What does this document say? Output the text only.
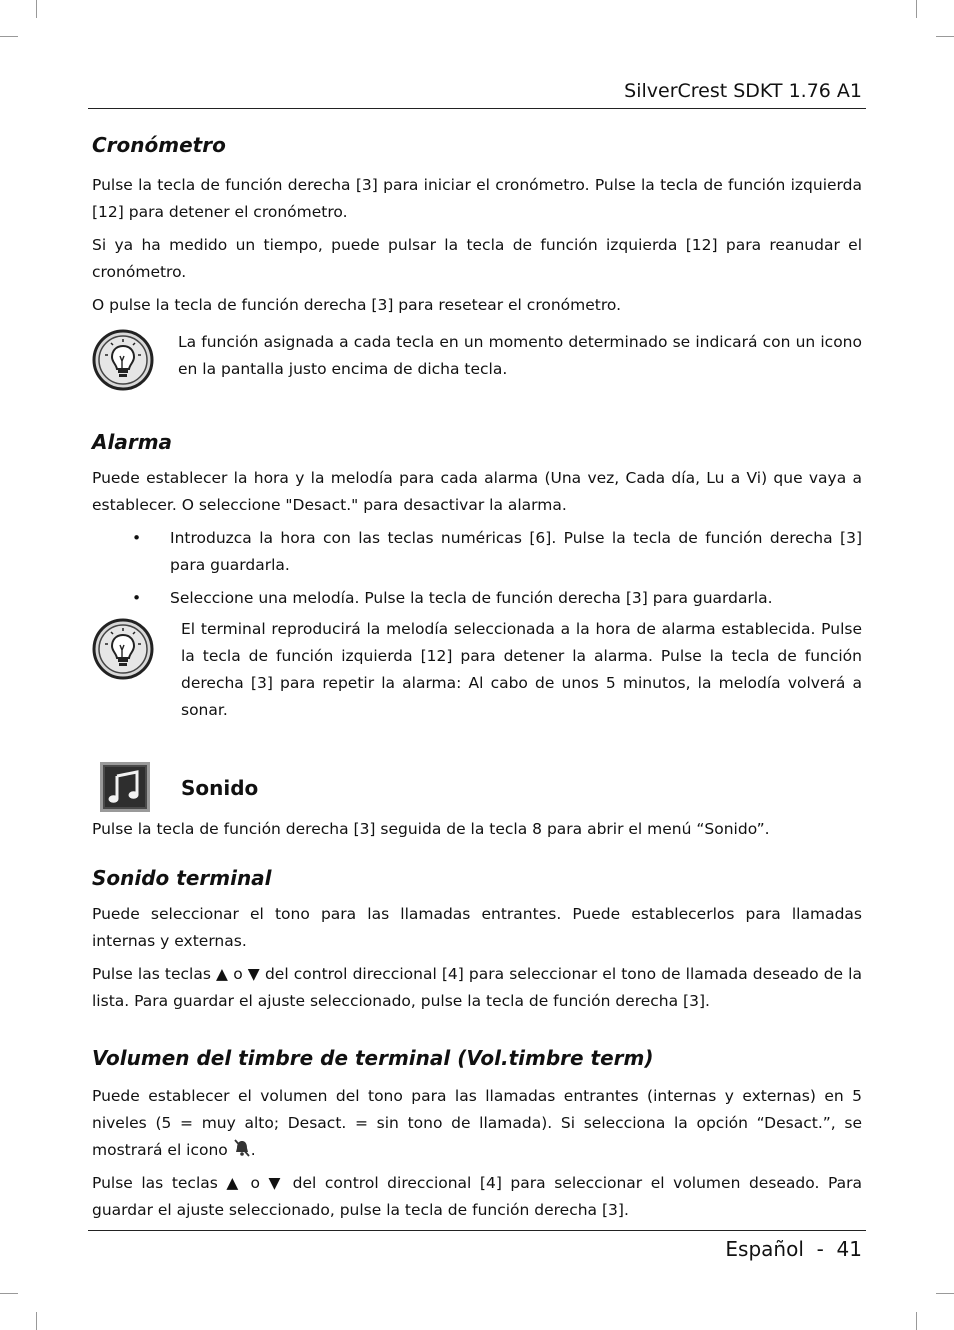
SilverCrest SDKT 1.76 A1
Cronómetro

Pulse la tecla de función derecha [3] para iniciar el cronómetro. Pulse la tecla de función izquierda [12] para detener el cronómetro.

Si ya ha medido un tiempo, puede pulsar la tecla de función izquierda [12] para reanudar el cronómetro.

O pulse la tecla de función derecha [3] para resetear el cronómetro.

La función asignada a cada tecla en un momento determinado se indicará con un icono en la pantalla justo encima de dicha tecla.
Alarma

Puede establecer la hora y la melodía para cada alarma (Una vez, Cada día, Lu a Vi) que vaya a establecer. O seleccione "Desact." para desactivar la alarma.

• Introduzca la hora con las teclas numéricas [6]. Pulse la tecla de función derecha [3] para guardarla.
• Seleccione una melodía. Pulse la tecla de función derecha [3] para guardarla.
El terminal reproducirá la melodía seleccionada a la hora de alarma establecida. Pulse la tecla de función izquierda [12] para detener la alarma. Pulse la tecla de función derecha [3] para repetir la alarma: Al cabo de unos 5 minutos, la melodía volverá a sonar.
Sonido

Pulse la tecla de función derecha [3] seguida de la tecla 8 para abrir el menú “Sonido”.

Sonido terminal

Puede seleccionar el tono para las llamadas entrantes. Puede establecerlos para llamadas internas y externas.

Pulse las teclas ▲ o ▼ del control direccional [4] para seleccionar el tono de llamada deseado de la lista. Para guardar el ajuste seleccionado, pulse la tecla de función derecha [3].

Volumen del timbre de terminal (Vol.timbre term)

Puede establecer el volumen del tono para las llamadas entrantes (internas y externas) en 5 niveles (5 = muy alto; Desact. = sin tono de llamada). Si selecciona la opción “Desact.”, se mostrará el icono .

Pulse las teclas ▲ o ▼ del control direccional [4] para seleccionar el volumen deseado. Para guardar el ajuste seleccionado, pulse la tecla de función derecha [3].

Español  -  41
